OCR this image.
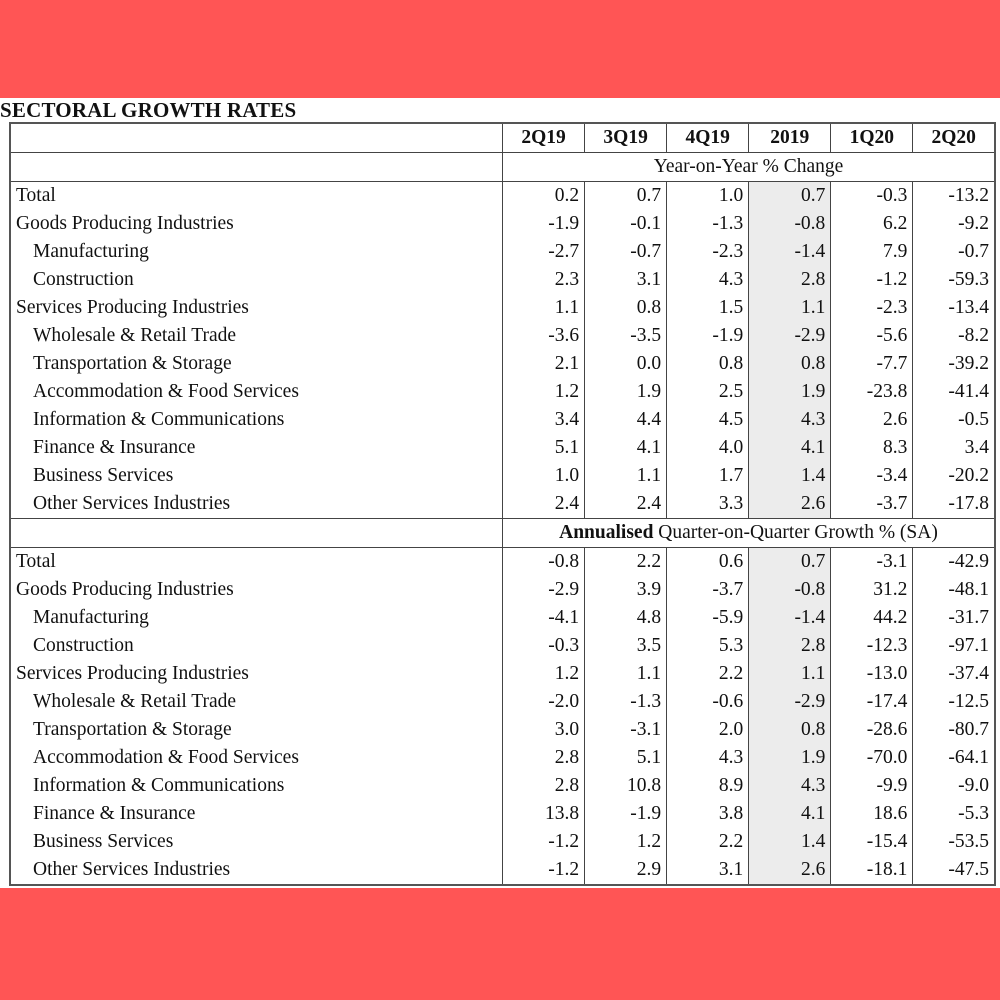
SECTORAL GROWTH RATES
	2Q19	3Q19	4Q19	2019	1Q20	2Q20
	Year-on-Year % Change					
Total	0.2	0.7	1.0	0.7	-0.3	-13.2
Goods Producing Industries	-1.9	-0.1	-1.3	-0.8	6.2	-9.2
Manufacturing	-2.7	-0.7	-2.3	-1.4	7.9	-0.7
Construction	2.3	3.1	4.3	2.8	-1.2	-59.3
Services Producing Industries	1.1	0.8	1.5	1.1	-2.3	-13.4
Wholesale & Retail Trade	-3.6	-3.5	-1.9	-2.9	-5.6	-8.2
Transportation & Storage	2.1	0.0	0.8	0.8	-7.7	-39.2
Accommodation & Food Services	1.2	1.9	2.5	1.9	-23.8	-41.4
Information & Communications	3.4	4.4	4.5	4.3	2.6	-0.5
Finance & Insurance	5.1	4.1	4.0	4.1	8.3	3.4
Business Services	1.0	1.1	1.7	1.4	-3.4	-20.2
Other Services Industries	2.4	2.4	3.3	2.6	-3.7	-17.8
	Annualised Quarter-on-Quarter Growth % (SA)					
Total	-0.8	2.2	0.6	0.7	-3.1	-42.9
Goods Producing Industries	-2.9	3.9	-3.7	-0.8	31.2	-48.1
Manufacturing	-4.1	4.8	-5.9	-1.4	44.2	-31.7
Construction	-0.3	3.5	5.3	2.8	-12.3	-97.1
Services Producing Industries	1.2	1.1	2.2	1.1	-13.0	-37.4
Wholesale & Retail Trade	-2.0	-1.3	-0.6	-2.9	-17.4	-12.5
Transportation & Storage	3.0	-3.1	2.0	0.8	-28.6	-80.7
Accommodation & Food Services	2.8	5.1	4.3	1.9	-70.0	-64.1
Information & Communications	2.8	10.8	8.9	4.3	-9.9	-9.0
Finance & Insurance	13.8	-1.9	3.8	4.1	18.6	-5.3
Business Services	-1.2	1.2	2.2	1.4	-15.4	-53.5
Other Services Industries	-1.2	2.9	3.1	2.6	-18.1	-47.5
